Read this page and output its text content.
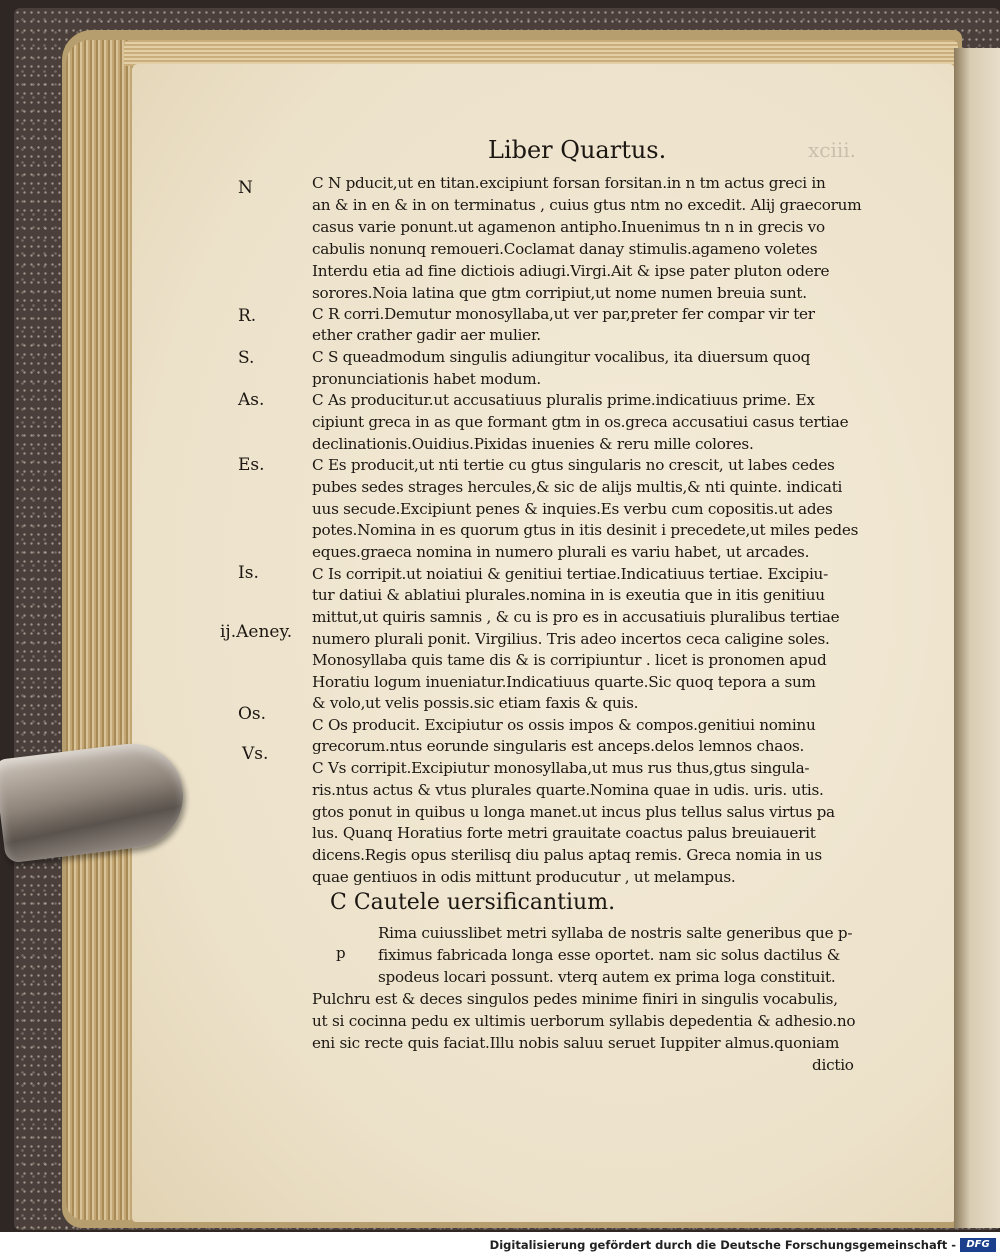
xciii.
Liber Quartus.
N
R.
S.
As.
Es.
Is.
ij.Aeney.
Os.
Vs.
C N pducit,ut en titan.excipiunt forsan forsitan.in n tm actus greci in
an & in en & in on terminatus , cuius gtus ntm no excedit. Alij graecorum
casus varie ponunt.ut agamenon antipho.Inuenimus tn n in grecis vo
cabulis nonunq remoueri.Coclamat danay stimulis.agameno voletes
Interdu etia ad fine dictiois adiugi.Virgi.Ait & ipse pater pluton odere
sorores.Noia latina que gtm corripiut,ut nome numen breuia sunt.
C R corri.Demutur monosyllaba,ut ver par,preter fer compar vir ter
ether crather gadir aer mulier.
C S queadmodum singulis adiungitur vocalibus, ita diuersum quoq
pronunciationis habet modum.
C As producitur.ut accusatiuus pluralis prime.indicatiuus prime. Ex
cipiunt greca in as que formant gtm in os.greca accusatiui casus tertiae
declinationis.Ouidius.Pixidas inuenies & reru mille colores.
C Es producit,ut nti tertie cu gtus singularis no crescit, ut labes cedes
pubes sedes strages hercules,& sic de alijs multis,& nti quinte. indicati
uus secude.Excipiunt penes & inquies.Es verbu cum copositis.ut ades
potes.Nomina in es quorum gtus in itis desinit i precedete,ut miles pedes
eques.graeca nomina in numero plurali es variu habet, ut arcades.
C Is corripit.ut noiatiui & genitiui tertiae.Indicatiuus tertiae. Excipiu-
tur datiui & ablatiui plurales.nomina in is exeutia que in itis genitiuu
mittut,ut quiris samnis , & cu is pro es in accusatiuis pluralibus tertiae
numero plurali ponit. Virgilius. Tris adeo incertos ceca caligine soles.
Monosyllaba quis tame dis & is corripiuntur . licet is pronomen apud
Horatiu logum inueniatur.Indicatiuus quarte.Sic quoq tepora a sum
& volo,ut velis possis.sic etiam faxis & quis.
C Os producit. Excipiutur os ossis impos & compos.genitiui nominu
grecorum.ntus eorunde singularis est anceps.delos lemnos chaos.
C Vs corripit.Excipiutur monosyllaba,ut mus rus thus,gtus singula-
ris.ntus actus & vtus plurales quarte.Nomina quae in udis. uris. utis.
gtos ponut in quibus u longa manet.ut incus plus tellus salus virtus pa
lus. Quanq Horatius forte metri grauitate coactus palus breuiauerit
dicens.Regis opus sterilisq diu palus aptaq remis. Greca nomia in us
quae gentiuos in odis mittunt producutur , ut melampus.
C Cautele uersificantium.
Rima cuiusslibet metri syllaba de nostris salte generibus que p-
fiximus fabricada longa esse oportet. nam sic solus dactilus &
spodeus locari possunt. vterq autem ex prima loga constituit.
p
Pulchru est & deces singulos pedes minime finiri in singulis vocabulis,
ut si cocinna pedu ex ultimis uerborum syllabis depedentia & adhesio.no
eni sic recte quis faciat.Illu nobis saluu seruet Iuppiter almus.quoniam
dictio
Digitalisierung gefördert durch die Deutsche Forschungsgemeinschaft -	DFG
